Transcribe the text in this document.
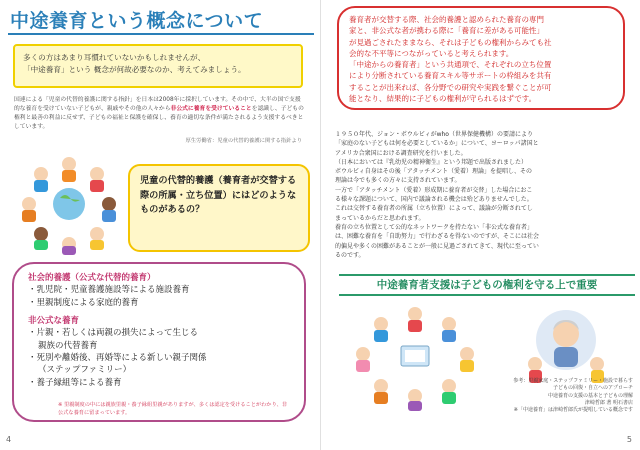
中途養育という概念について
多くの方はあまり耳慣れていないかもしれませんが、
「中途養育」という 概念が何故必要なのか、考えてみましょう。
国連による「児童の代替的養護に関する指針」を日本は2008年に採択しています。その中で、大半の国で支援的な養育を受けていない子どもが、親戚やその他の人々から非公式に養育を受けていることを認識し、子どもの権利と最善の利益に反せず、子どもの福祉と保護を確保し、養育の適切な条件が満たされるよう支援するべきとしています。
厚生労働省：児童の代替的養護に関する指針より
児童の代替的養護（養育者が交替する際の所属・立ち位置）にはどのようなものがあるの？
社会的養護（公式な代替的養育）
・乳児院・児童養護施設等による施設養育
・里親制度による家庭的養育
非公式な養育
・片親・若しくは両親の損失によって生じる
親族の代替養育
・死別や離婚後、再婚等による新しい親子関係
（ステップファミリー）
・養子縁組等による養育
※ 里親制度の中には親族里親・養子縁組里親がありますが、多くは認定を受けることがわかり、非公式な養育に留まっています。
4
養育者が交替する際、社会的養護と認められた養育の専門
家と、非公式な者が携わる際に「養育に差がある可能性」
が見過ごされたままなら、それは子どもの権利からみても社
会的な不平等につながっていると考えられます。
「中途からの養育者」という共通項で、それぞれの立ち位置
により分断されている養育スキル等サポートの枠組みを共有
することが出来れば、各分野での研究や実践を繋ぐことが可
能となり、結果的に子どもの権利が守られるはずです。
１９５０年代、ジョン・ボウルビィがwho（世界保健機構）の要請により
「家庭のない子どもは何を必要としているか」について、ヨーロッパ諸国と
アメリカ合衆国における調査研究を行いました。
（日本においては『乳幼児の精神衛生』という邦題で出版されました）
ボウルビィ自身はその後「アタッチメント（愛着）理論」を提唱し、その
理論は今でも多くの方々に支持されています。
一方で「アタッチメント（愛着）形成期に養育者が交替」した場合におこ
る様々な課題について、国内で議論される機会は殆どありませんでした。
これは交替する養育者の所属（立ち位置）によって、議論が分断されてし
まっているからだと思われます。
養育の立ち位置として公的なネットワークを持たない「非公式な養育者」
は、困難な養育を「自助努力」で行わざるを得ないのですが、そこには社会
的偏見や多くの困難があることが一般に見過ごされてきて、現代に至ってい
るのです。
中途養育者支援は子どもの権利を守る上で重要
参考：里親家庭・ステップファミリー・施設で暮らす
子どもの回復・自立へのアプローチ
中途養育の支援の基本と子どもの理解
津崎哲郎 著 明石書店
※「中途養育」は津崎哲郎氏が提唱している概念です
5
